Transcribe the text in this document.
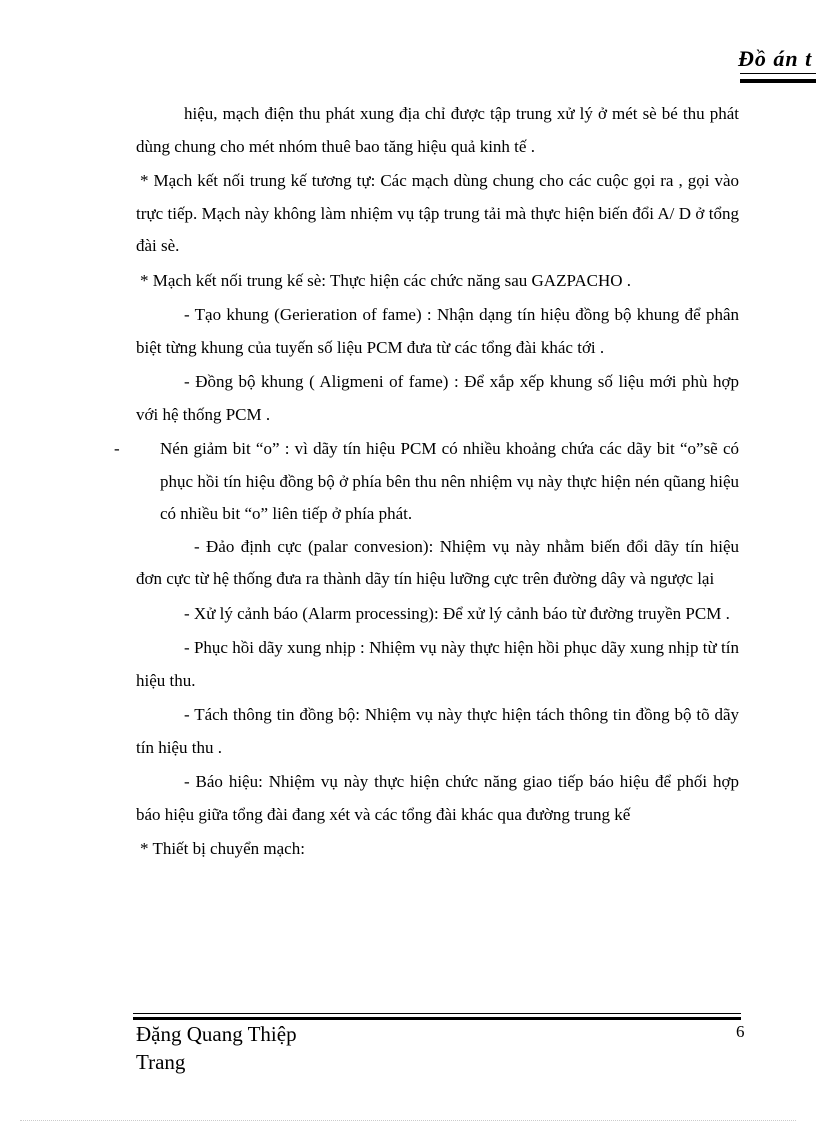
Đồ án t

hiệu, mạch điện thu phát xung địa chỉ được tập trung xử lý ở mét sè bé thu phát dùng chung cho mét nhóm thuê bao tăng hiệu quả kinh tế .

* Mạch kết nối trung kế tương tự: Các mạch dùng chung cho các cuộc gọi ra , gọi vào trực tiếp. Mạch này không làm nhiệm vụ tập trung tải mà thực hiện biến đổi A/ D ở tổng đài sè.

* Mạch kết nối trung kế sè: Thực hiện các chức năng sau GAZPACHO .

- Tạo khung (Gerieration of fame) : Nhận dạng tín hiệu đồng bộ khung để phân biệt từng khung của tuyến số liệu PCM đưa từ các tổng đài khác tới .

- Đồng bộ khung ( Aligmeni of fame) : Để xắp xếp khung số liệu mới phù hợp với hệ thống PCM .

- Nén giảm bit “o” : vì dãy tín hiệu PCM có nhiều khoảng chứa các dãy bit “o”sẽ có phục hồi tín hiệu đồng bộ ở phía bên thu nên nhiệm vụ này thực hiện nén qũang hiệu có nhiều bit “o” liên tiếp ở phía phát.

- Đảo định cực (palar convesion): Nhiệm vụ này nhằm biến đổi dãy tín hiệu đơn cực từ hệ thống đưa ra thành dãy tín hiệu lưỡng cực trên đường dây và ngược lại

- Xử lý cảnh báo (Alarm processing): Để xử lý cảnh báo từ đường truyền PCM .

- Phục hồi dãy xung nhịp : Nhiệm vụ này thực hiện hồi phục dãy xung nhịp từ tín hiệu thu.

- Tách thông tin đồng bộ: Nhiệm vụ này thực hiện tách thông tin đồng bộ tõ dãy tín hiệu thu .

- Báo hiệu: Nhiệm vụ này thực hiện chức năng giao tiếp báo hiệu để phối hợp báo hiệu giữa tổng đài đang xét và các tổng đài khác qua đường trung kế

* Thiết bị chuyển mạch:

Đặng Quang Thiệp
Trang
6
